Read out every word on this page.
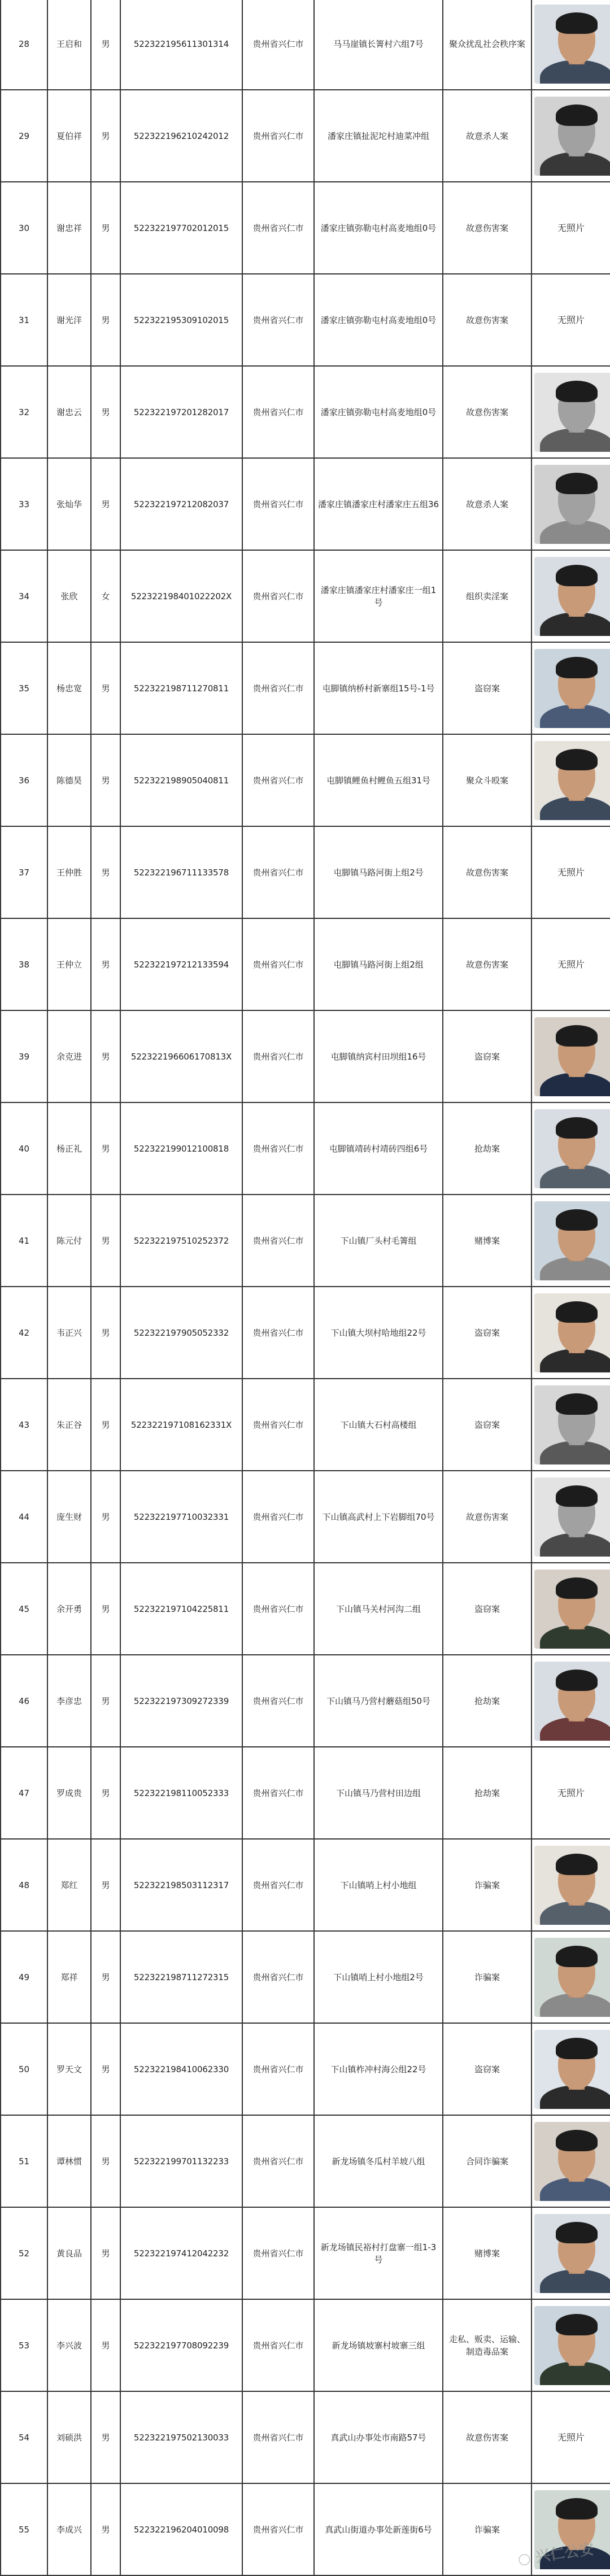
28	王启和	男	522322195611301314	贵州省兴仁市	马马崖镇长箐村六组7号	聚众扰乱社会秩序案	

29	夏伯祥	男	522322196210242012	贵州省兴仁市	潘家庄镇扯泥坨村迪菜冲组	故意杀人案	

30	谢忠祥	男	522322197702012015	贵州省兴仁市	潘家庄镇弥勒屯村高麦地组0号	故意伤害案	无照片
31	谢光洋	男	522322195309102015	贵州省兴仁市	潘家庄镇弥勒屯村高麦地组0号	故意伤害案	无照片
32	谢忠云	男	522322197201282017	贵州省兴仁市	潘家庄镇弥勒屯村高麦地组0号	故意伤害案	

33	张灿华	男	522322197212082037	贵州省兴仁市	潘家庄镇潘家庄村潘家庄五组36	故意杀人案	

34	张欣	女	522322198401022202X	贵州省兴仁市	潘家庄镇潘家庄村潘家庄一组1号	组织卖淫案	

35	杨忠宽	男	522322198711270811	贵州省兴仁市	屯脚镇纳桥村新寨组15号-1号	盗窃案	

36	陈德昊	男	522322198905040811	贵州省兴仁市	屯脚镇鲤鱼村鲤鱼五组31号	聚众斗殴案	

37	王仲胜	男	522322196711133578	贵州省兴仁市	屯脚镇马路河街上组2号	故意伤害案	无照片
38	王仲立	男	522322197212133594	贵州省兴仁市	屯脚镇马路河街上组2组	故意伤害案	无照片
39	余克进	男	522322196606170813X	贵州省兴仁市	屯脚镇纳宾村田坝组16号	盗窃案	

40	杨正礼	男	522322199012100818	贵州省兴仁市	屯脚镇靖砖村靖砖四组6号	抢劫案	

41	陈元付	男	522322197510252372	贵州省兴仁市	下山镇厂头村毛箐组	赌博案	

42	韦正兴	男	522322197905052332	贵州省兴仁市	下山镇大坝村哈地组22号	盗窃案	

43	朱正谷	男	522322197108162331X	贵州省兴仁市	下山镇大石村高楼组	盗窃案	

44	庞生财	男	522322197710032331	贵州省兴仁市	下山镇高武村上下岩脚组70号	故意伤害案	

45	余开勇	男	522322197104225811	贵州省兴仁市	下山镇马关村河沟二组	盗窃案	

46	李彦忠	男	522322197309272339	贵州省兴仁市	下山镇马乃营村蘑菇组50号	抢劫案	

47	罗成贵	男	522322198110052333	贵州省兴仁市	下山镇马乃营村田边组	抢劫案	无照片
48	郑红	男	522322198503112317	贵州省兴仁市	下山镇哨上村小地组	诈骗案	

49	郑祥	男	522322198711272315	贵州省兴仁市	下山镇哨上村小地组2号	诈骗案	

50	罗天文	男	522322198410062330	贵州省兴仁市	下山镇柞冲村海公组22号	盗窃案	

51	谭林惯	男	522322199701132233	贵州省兴仁市	新龙场镇冬瓜村羊坡八组	合同诈骗案	

52	黄良品	男	522322197412042232	贵州省兴仁市	新龙场镇民裕村打盘寨一组1-3号	赌博案	

53	李兴波	男	522322197708092239	贵州省兴仁市	新龙场镇坡寨村坡寨三组	走私、贩卖、运输、制造毒品案	

54	刘硕洪	男	522322197502130033	贵州省兴仁市	真武山办事处市南路57号	故意伤害案	无照片
55	李成兴	男	522322196204010098	贵州省兴仁市	真武山街道办事处新莲街6号	诈骗案	
○ 兴仁公安
